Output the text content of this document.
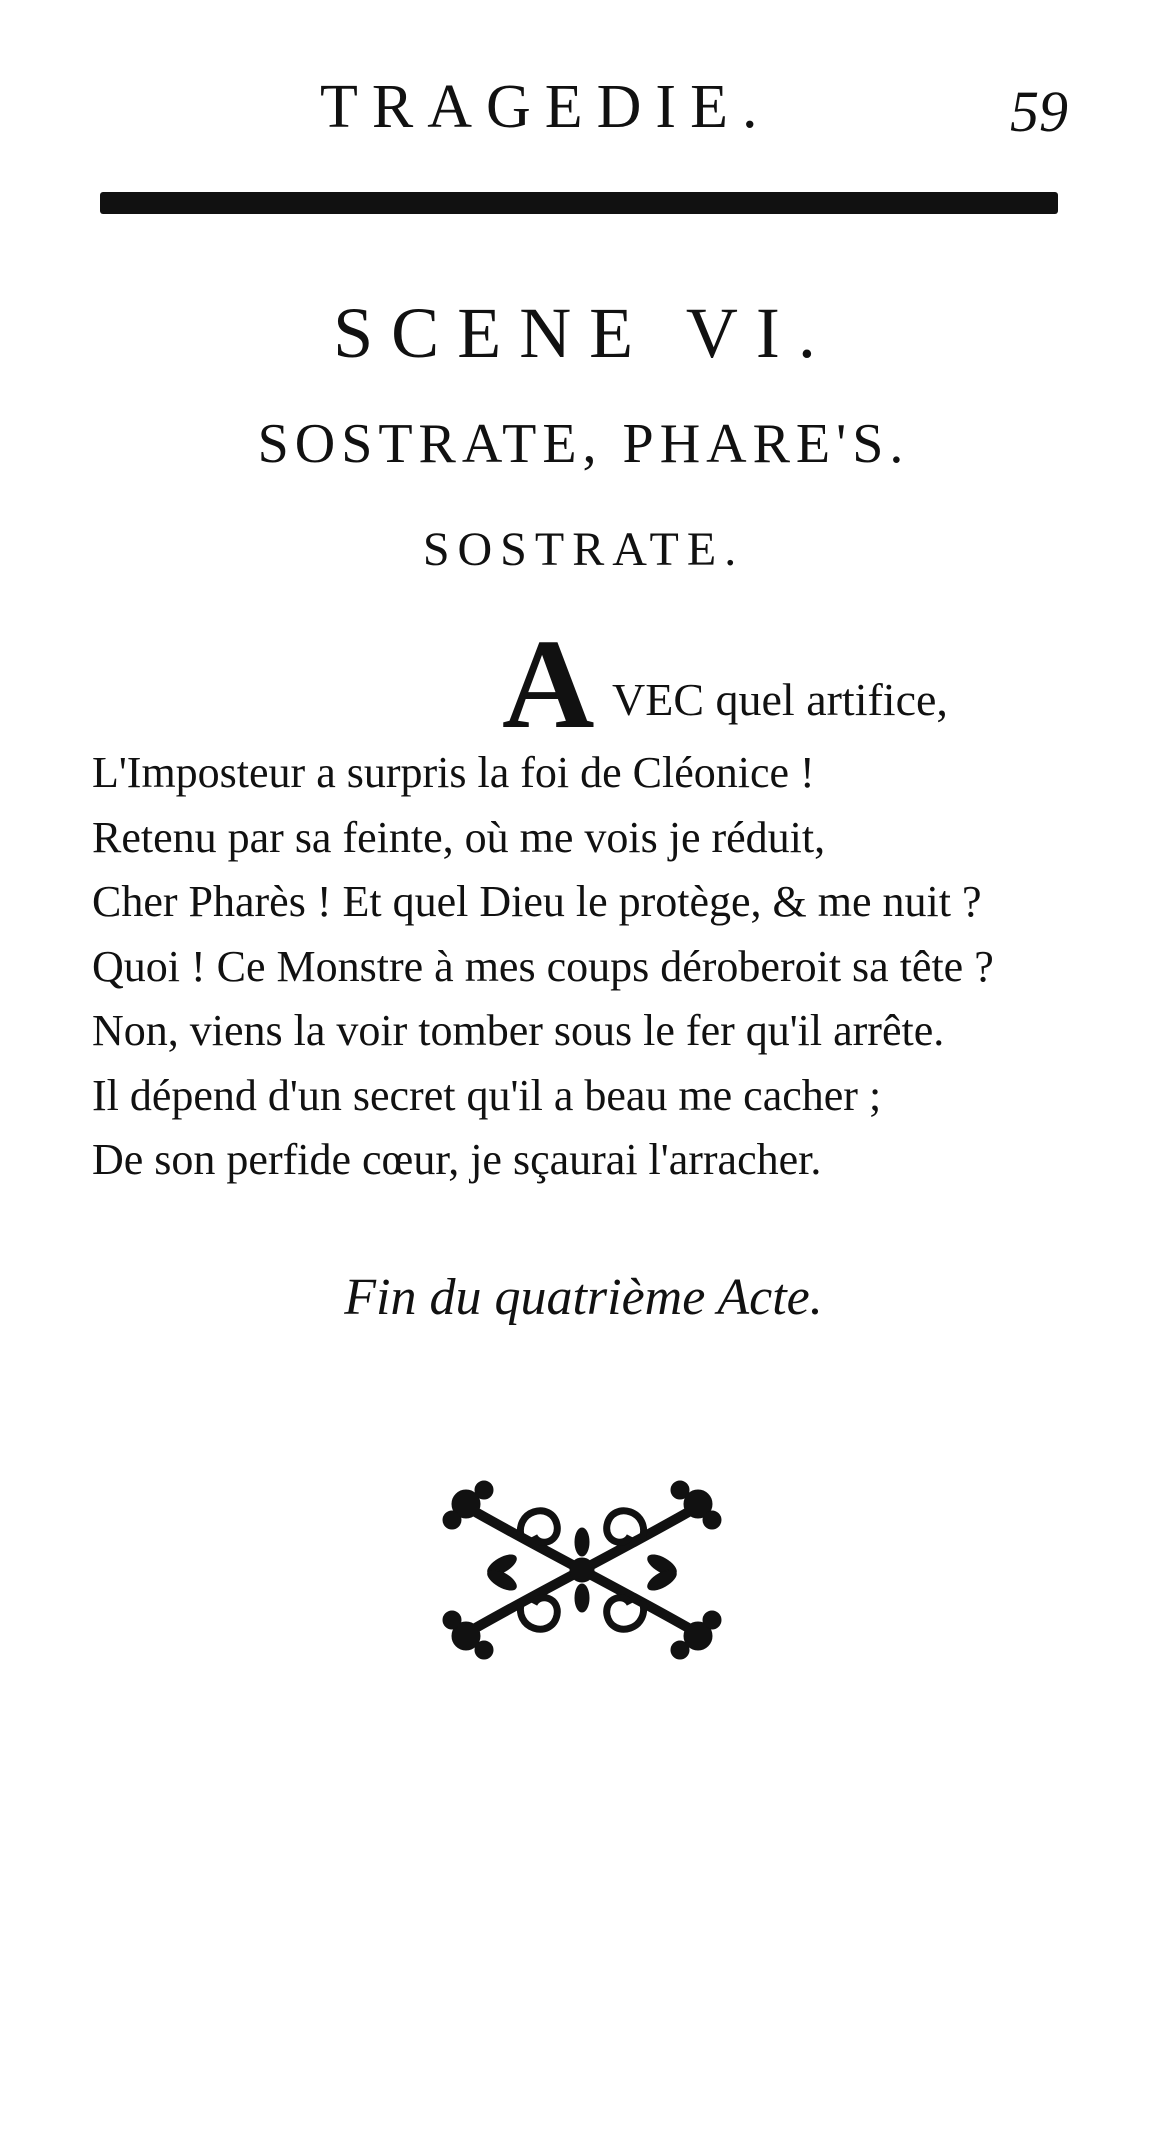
TRAGEDIE.	59
SCENE VI.
SOSTRATE, PHARE'S.
SOSTRATE.
A VEC quel artifice,
L'Imposteur a surpris la foi de Cléonice !
Retenu par sa feinte, où me vois je réduit,
Cher Pharès ! Et quel Dieu le protège, & me nuit ?
Quoi ! Ce Monstre à mes coups déroberoit sa tête ?
Non, viens la voir tomber sous le fer qu'il arrête.
Il dépend d'un secret qu'il a beau me cacher ;
De son perfide cœur, je sçaurai l'arracher.
Fin du quatrième Acte.
